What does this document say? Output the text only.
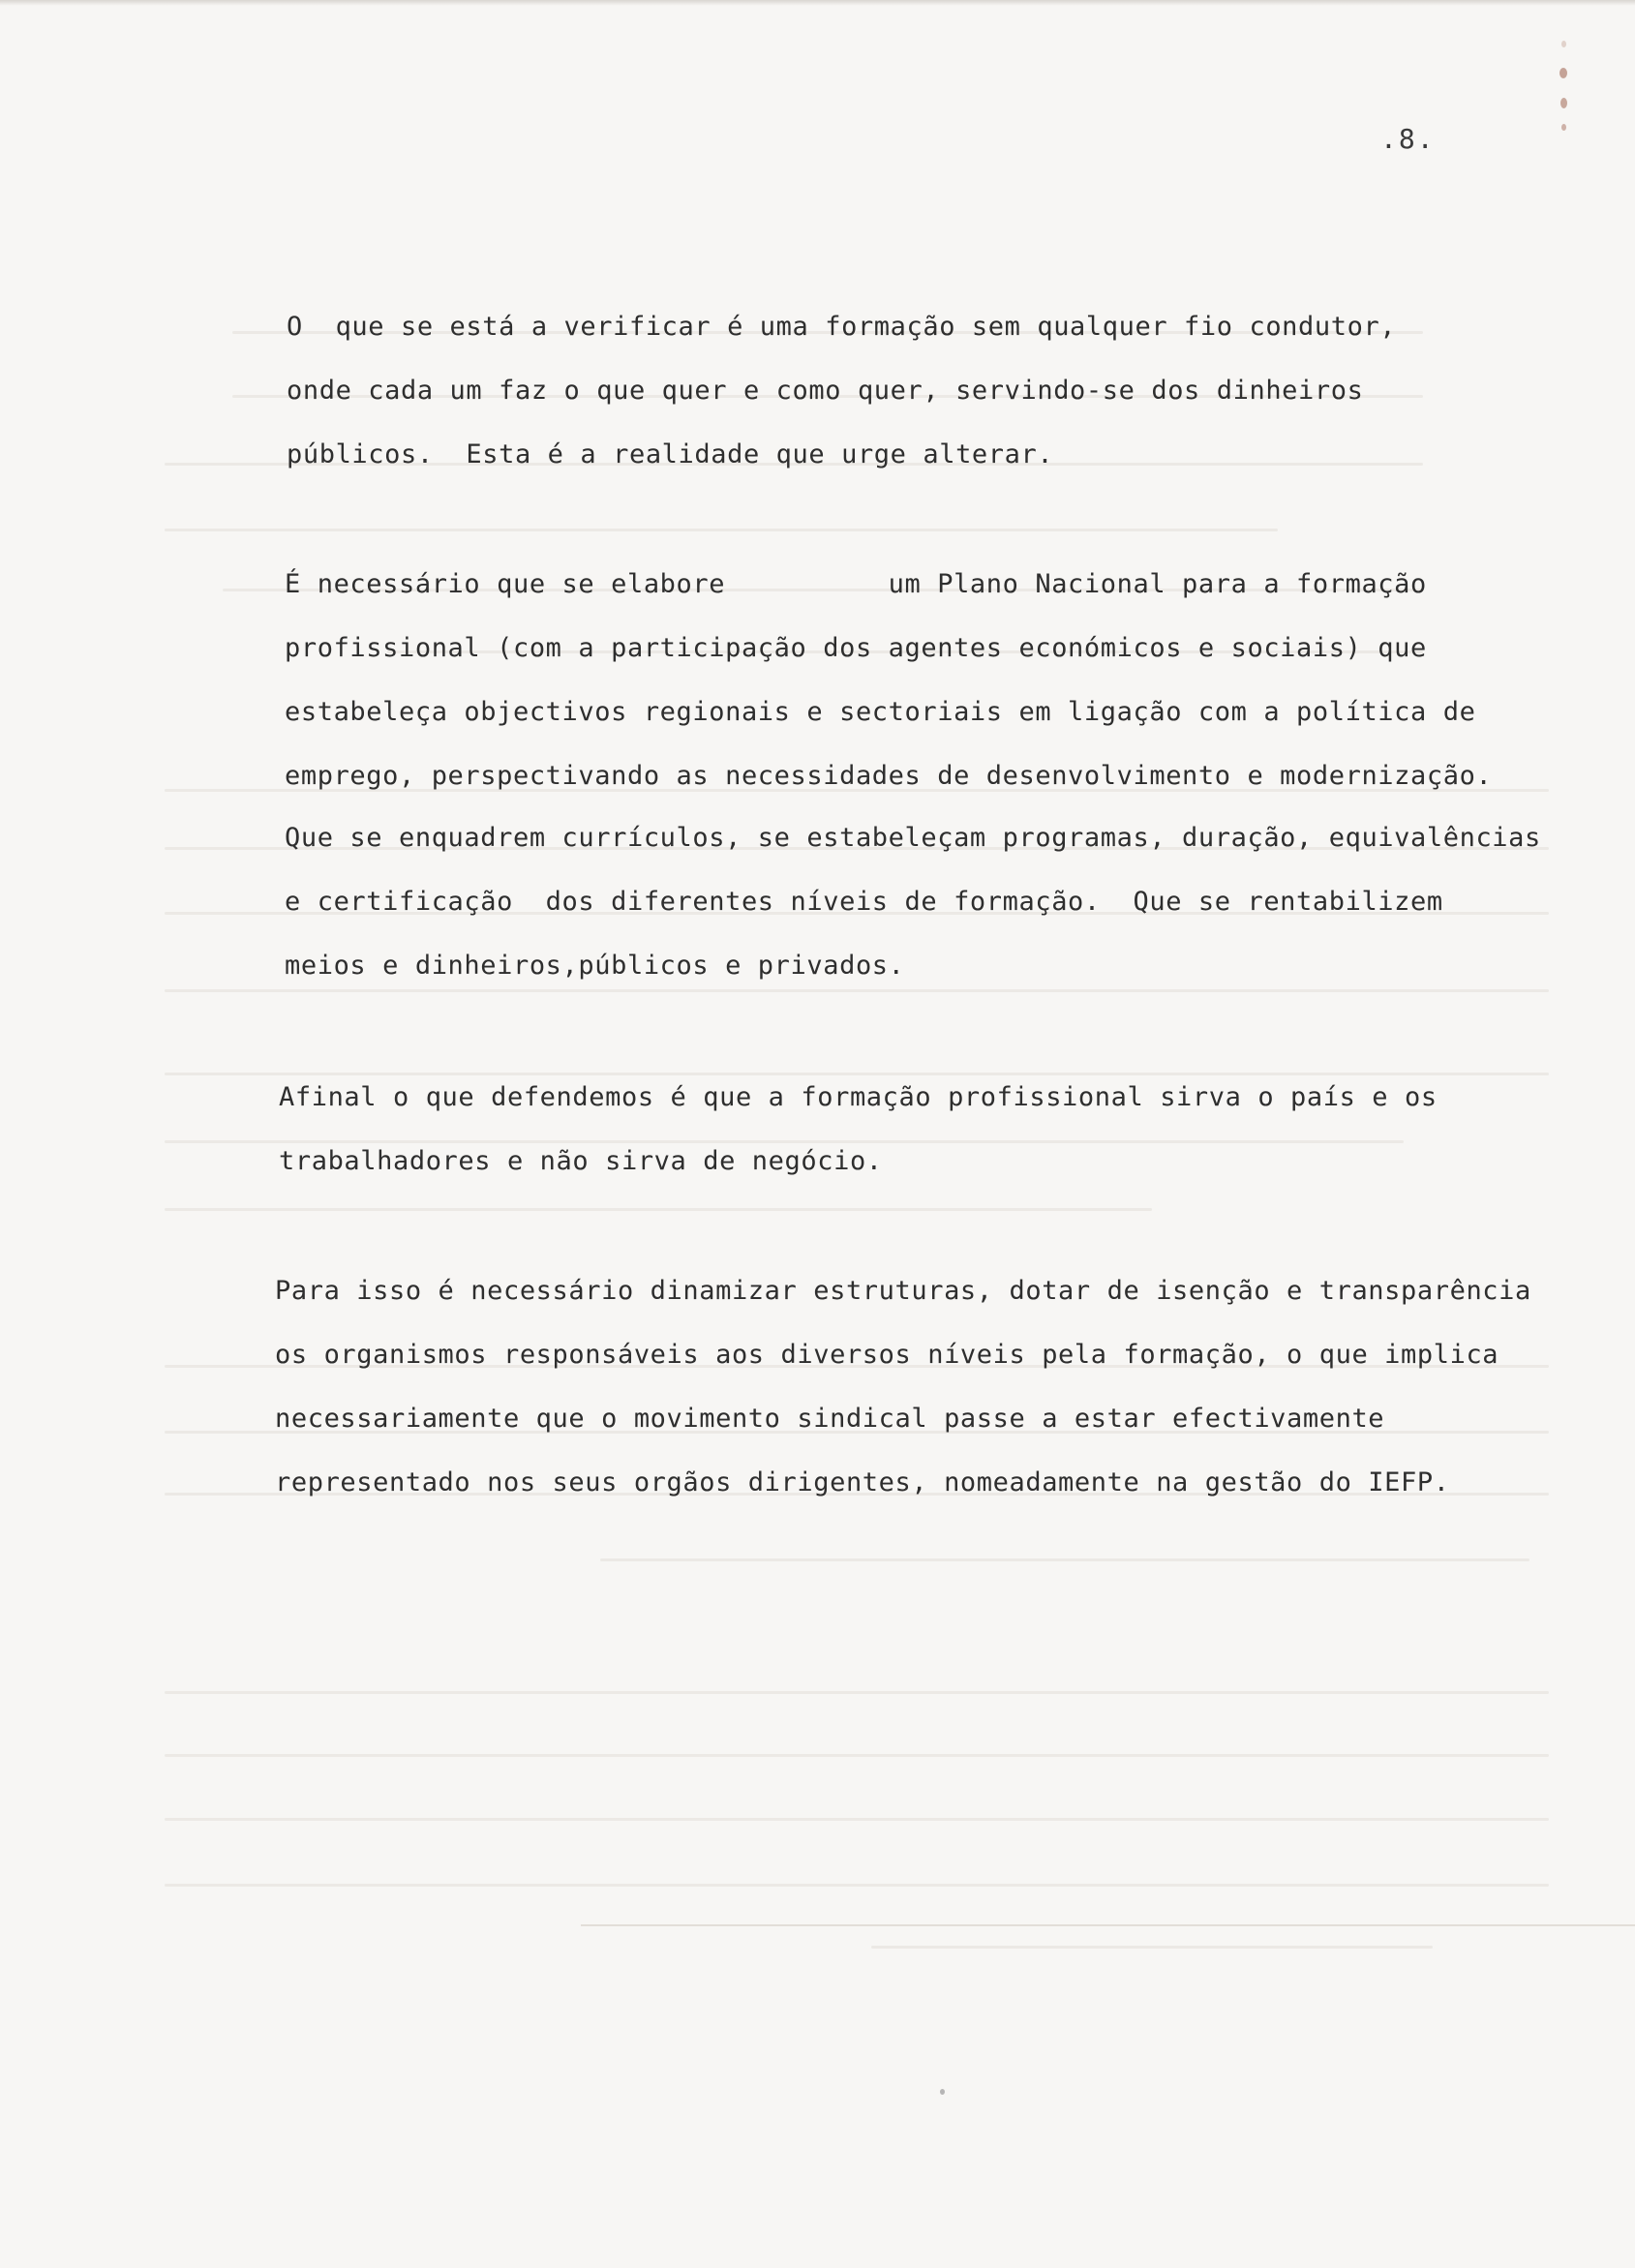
.8.
O  que se está a verificar é uma formação sem qualquer fio condutor,
onde cada um faz o que quer e como quer, servindo-se dos dinheiros
públicos.  Esta é a realidade que urge alterar.
É necessário que se elabore          um Plano Nacional para a formação
profissional (com a participação dos agentes económicos e sociais) que
estabeleça objectivos regionais e sectoriais em ligação com a política de
emprego, perspectivando as necessidades de desenvolvimento e modernização.
Que se enquadrem currículos, se estabeleçam programas, duração, equivalências
e certificação  dos diferentes níveis de formação.  Que se rentabilizem
meios e dinheiros,públicos e privados.
Afinal o que defendemos é que a formação profissional sirva o país e os
trabalhadores e não sirva de negócio.
Para isso é necessário dinamizar estruturas, dotar de isenção e transparência
os organismos responsáveis aos diversos níveis pela formação, o que implica
necessariamente que o movimento sindical passe a estar efectivamente
representado nos seus orgãos dirigentes, nomeadamente na gestão do IEFP.
